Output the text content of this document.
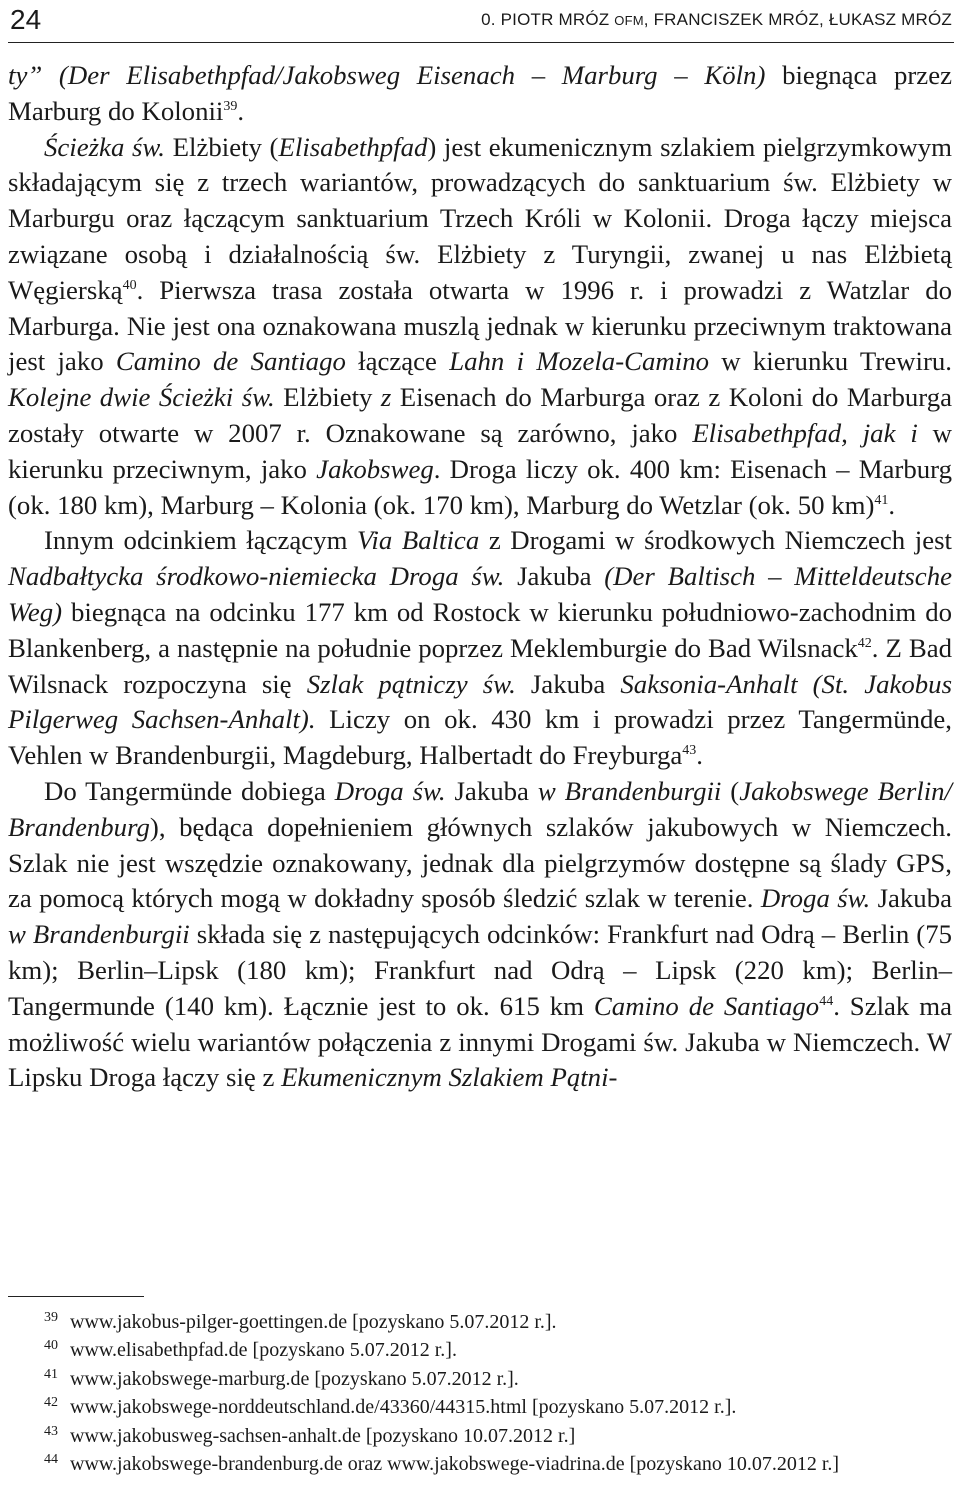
24	0. PIOTR MRÓZ OFM, FRANCISZEK MRÓZ, ŁUKASZ MRÓZ

ty” (Der Elisabethpfad/Jakobsweg Eisenach – Marburg – Köln) biegnąca przez Marburg do Kolonii$^{39}$.

Ścieżka św. Elżbiety (Elisabethpfad) jest ekumenicznym szlakiem pielgrzymkowym składającym się z trzech wariantów, prowadzących do sanktuarium św. Elżbiety w Marburgu oraz łączącym sanktuarium Trzech Króli w Kolonii. Droga łączy miejsca związane osobą i działalnością św. Elżbiety z Turyngii, zwanej u nas Elżbietą Węgierską$^{40}$. Pierwsza trasa została otwarta w 1996 r. i prowadzi z Watzlar do Marburga. Nie jest ona oznakowana muszlą jednak w kierunku przeciwnym traktowana jest jako Camino de Santiago łączące Lahn i Mozela-Camino w kierunku Trewiru. Kolejne dwie Ścieżki św. Elżbiety z Eisenach do Marburga oraz z Koloni do Marburga zostały otwarte w 2007 r. Oznakowane są zarówno, jako Elisabethpfad, jak i w kierunku przeciwnym, jako Jakobsweg. Droga liczy ok. 400 km: Eisenach – Marburg (ok. 180 km), Marburg – Kolonia (ok. 170 km), Marburg do Wetzlar (ok. 50 km)$^{41}$.

Innym odcinkiem łączącym Via Baltica z Drogami w środkowych Niemczech jest Nadbałtycka środkowo-niemiecka Droga św. Jakuba (Der Baltisch – Mitteldeutsche Weg) biegnąca na odcinku 177 km od Rostock w kierunku południowo-zachodnim do Blankenberg, a następnie na południe poprzez Meklemburgie do Bad Wilsnack$^{42}$. Z Bad Wilsnack rozpoczyna się Szlak pątniczy św. Jakuba Saksonia-Anhalt (St. Jakobus Pilgerweg Sachsen-Anhalt). Liczy on ok. 430 km i prowadzi przez Tangermünde, Vehlen w Brandenburgii, Magdeburg, Halbertadt do Freyburga$^{43}$.

Do Tangermünde dobiega Droga św. Jakuba w Brandenburgii (Jakobswege Berlin/ Brandenburg), będąca dopełnieniem głównych szlaków jakubowych w Niemczech. Szlak nie jest wszędzie oznakowany, jednak dla pielgrzymów dostępne są ślady GPS, za pomocą których mogą w dokładny sposób śledzić szlak w terenie. Droga św. Jakuba w Brandenburgii składa się z następujących odcinków: Frankfurt nad Odrą – Berlin (75 km); Berlin–Lipsk (180 km); Frankfurt nad Odrą – Lipsk (220 km); Berlin–Tangermunde (140 km). Łącznie jest to ok. 615 km Camino de Santiago$^{44}$. Szlak ma możliwość wielu wariantów połączenia z innymi Drogami św. Jakuba w Niemczech. W Lipsku Droga łączy się z Ekumenicznym Szlakiem Pątni-

39 www.jakobus-pilger-goettingen.de [pozyskano 5.07.2012 r.].

40 www.elisabethpfad.de [pozyskano 5.07.2012 r.].

41 www.jakobswege-marburg.de [pozyskano 5.07.2012 r.].

42 www.jakobswege-norddeutschland.de/43360/44315.html [pozyskano 5.07.2012 r.].

43 www.jakobusweg-sachsen-anhalt.de [pozyskano 10.07.2012 r.]

44 www.jakobswege-brandenburg.de oraz www.jakobswege-viadrina.de [pozyskano 10.07.2012 r.]
